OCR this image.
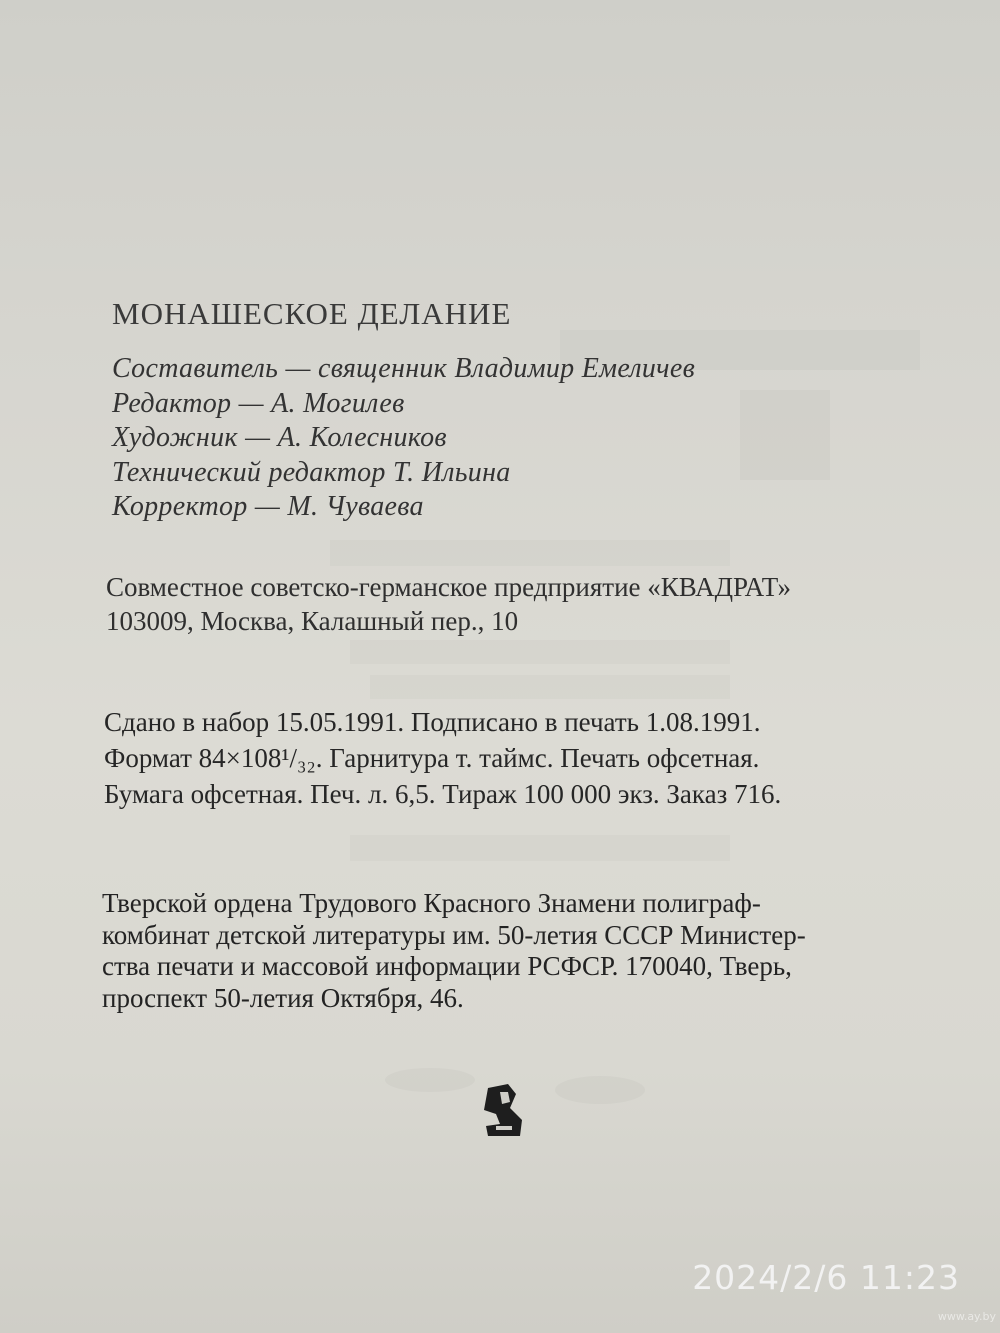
МОНАШЕСКОЕ ДЕЛАНИЕ
Составитель — священник Владимир Емеличев
Редактор — А. Могилев
Художник — А. Колесников
Технический редактор Т. Ильина
Корректор — М. Чуваева
Совместное советско-германское предприятие «КВАДРАТ»
103009, Москва, Калашный пер., 10
Сдано в набор 15.05.1991. Подписано в печать 1.08.1991.
Формат 84×108¹/₃₂. Гарнитура т. таймс. Печать офсетная.
Бумага офсетная. Печ. л. 6,5. Тираж 100 000 экз. Заказ 716.
Тверской ордена Трудового Красного Знамени полиграф-
комбинат детской литературы им. 50-летия СССР Министер-
ства печати и массовой информации РСФСР. 170040, Тверь,
проспект 50-летия Октября, 46.
2024/2/6 11:23
www.ay.by
